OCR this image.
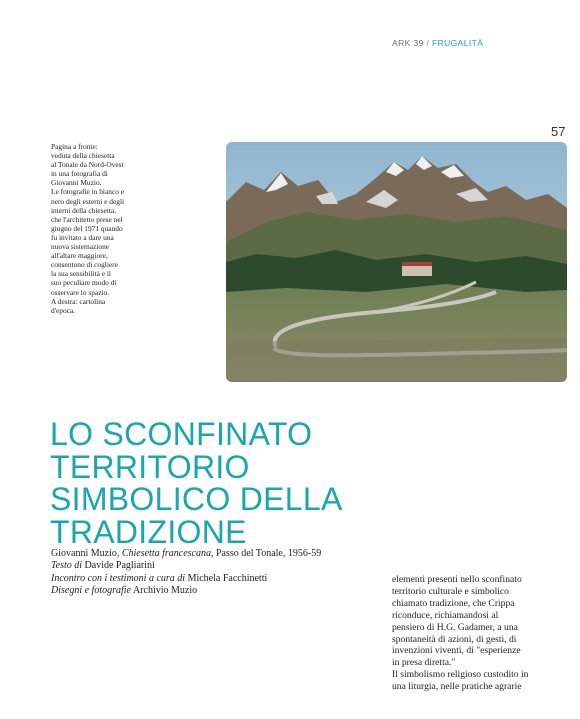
ARK 39 / FRUGALITÀ
57
Pagina a fronte:
veduta della chiesetta
al Tonale da Nord-Ovest
in una fotografia di
Giovanni Muzio.
Le fotografie in bianco e
nero degli esterni e degli
interni della chiesetta,
che l'architetto prese nel
giugno del 1971 quando
fu invitato a dare una
nuova sistemazione
all'altare maggiore,
consentono di cogliere
la sua sensibilità e il
suo peculiare modo di
osservare lo spazio.
A destra: cartolina
d'epoca.
LO SCONFINATO
TERRITORIO
SIMBOLICO DELLA
TRADIZIONE
Giovanni Muzio, Chiesetta francescana, Passo del Tonale, 1956-59
Testo di Davide Pagliarini
Incontro con i testimoni a cura di Michela Facchinetti
Disegni e fotografie Archivio Muzio
elementi presenti nello sconfinato
territorio culturale e simbolico
chiamato tradizione, che Crippa
riconduce, richiamandosi al
pensiero di H.G. Gadamer, a una
spontaneità di azioni, di gesti, di
invenzioni viventi, di "esperienze
in presa diretta."
Il simbolismo religioso custodito in
una liturgia, nelle pratiche agrarie
